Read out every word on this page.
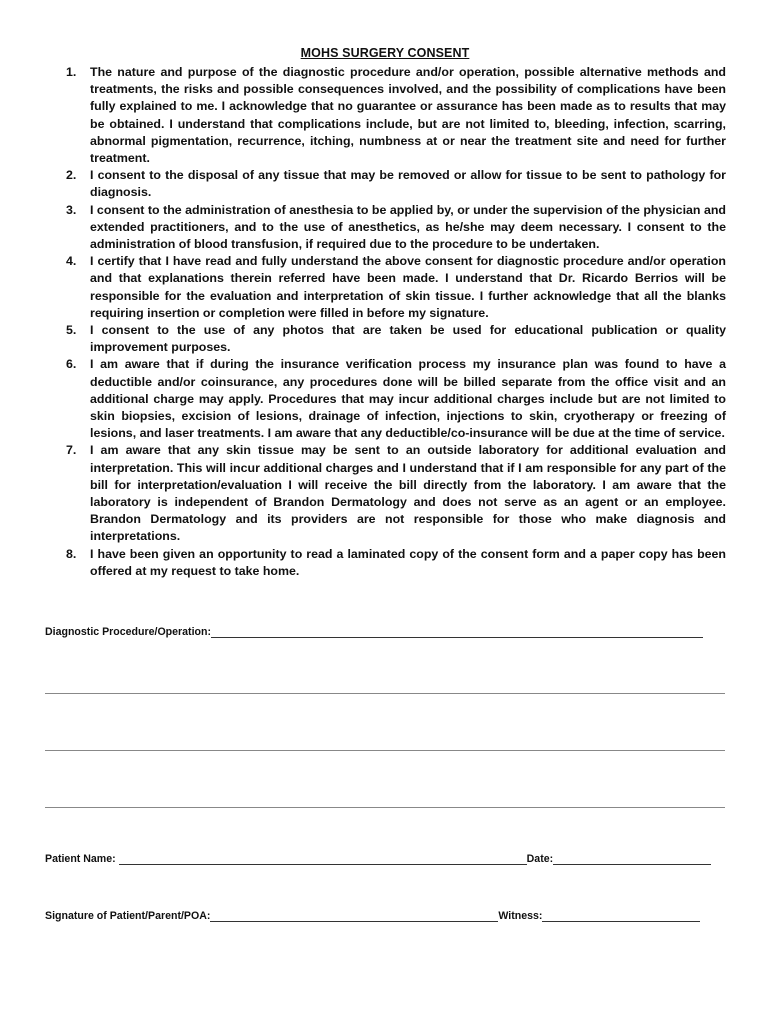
MOHS SURGERY CONSENT
1. The nature and purpose of the diagnostic procedure and/or operation, possible alternative methods and treatments, the risks and possible consequences involved, and the possibility of complications have been fully explained to me. I acknowledge that no guarantee or assurance has been made as to results that may be obtained. I understand that complications include, but are not limited to, bleeding, infection, scarring, abnormal pigmentation, recurrence, itching, numbness at or near the treatment site and need for further treatment.
2. I consent to the disposal of any tissue that may be removed or allow for tissue to be sent to pathology for diagnosis.
3. I consent to the administration of anesthesia to be applied by, or under the supervision of the physician and extended practitioners, and to the use of anesthetics, as he/she may deem necessary. I consent to the administration of blood transfusion, if required due to the procedure to be undertaken.
4. I certify that I have read and fully understand the above consent for diagnostic procedure and/or operation and that explanations therein referred have been made. I understand that Dr. Ricardo Berrios will be responsible for the evaluation and interpretation of skin tissue. I further acknowledge that all the blanks requiring insertion or completion were filled in before my signature.
5. I consent to the use of any photos that are taken be used for educational publication or quality improvement purposes.
6. I am aware that if during the insurance verification process my insurance plan was found to have a deductible and/or coinsurance, any procedures done will be billed separate from the office visit and an additional charge may apply. Procedures that may incur additional charges include but are not limited to skin biopsies, excision of lesions, drainage of infection, injections to skin, cryotherapy or freezing of lesions, and laser treatments. I am aware that any deductible/co-insurance will be due at the time of service.
7. I am aware that any skin tissue may be sent to an outside laboratory for additional evaluation and interpretation. This will incur additional charges and I understand that if I am responsible for any part of the bill for interpretation/evaluation I will receive the bill directly from the laboratory. I am aware that the laboratory is independent of Brandon Dermatology and does not serve as an agent or an employee. Brandon Dermatology and its providers are not responsible for those who make diagnosis and interpretations.
8. I have been given an opportunity to read a laminated copy of the consent form and a paper copy has been offered at my request to take home.
Diagnostic Procedure/Operation:
Patient Name:	Date:
Signature of Patient/Parent/POA:	Witness:
